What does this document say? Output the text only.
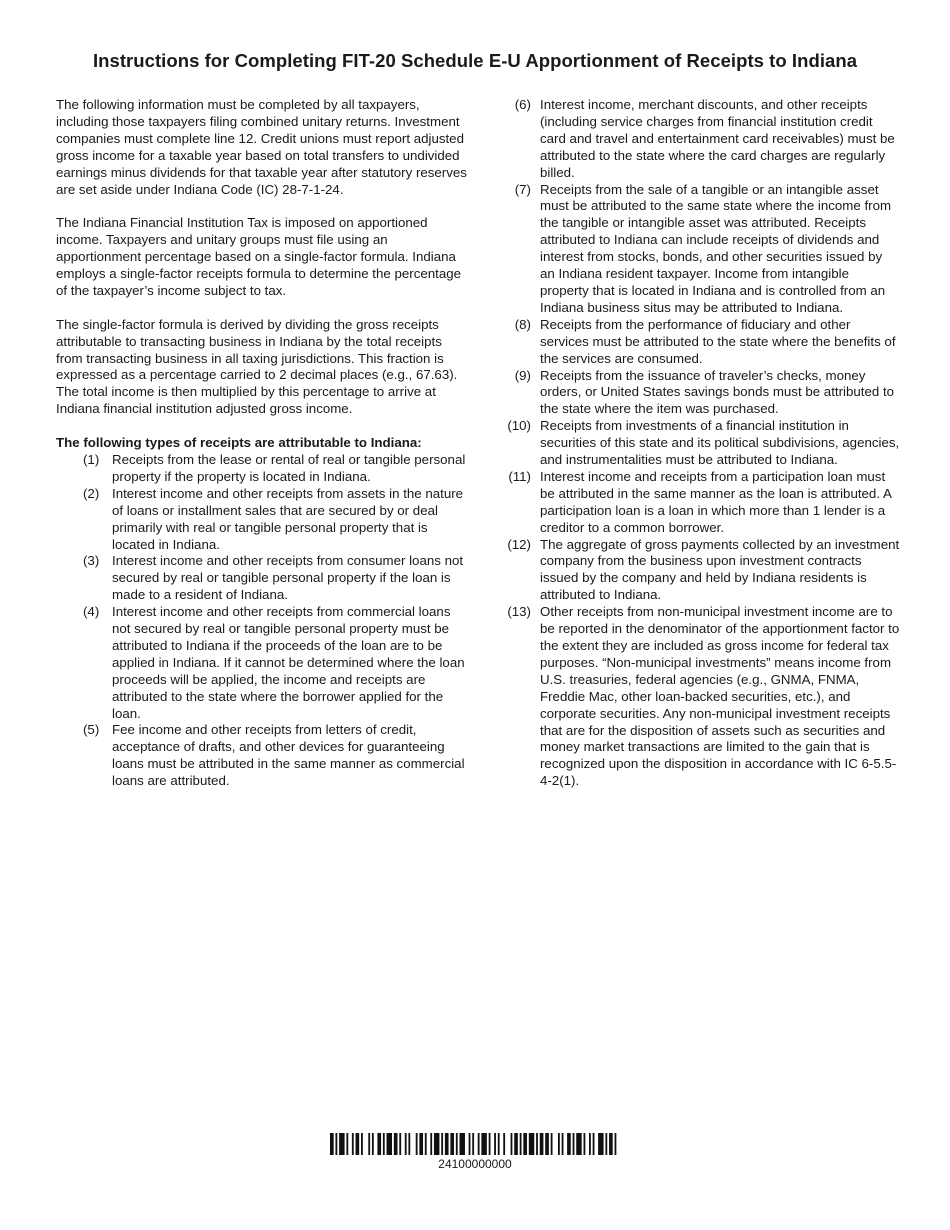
Instructions for Completing FIT-20 Schedule E-U Apportionment of Receipts to Indiana

The following information must be completed by all taxpayers, including those taxpayers filing combined unitary returns. Investment companies must complete line 12. Credit unions must report adjusted gross income for a taxable year based on total transfers to undivided earnings minus dividends for that taxable year after statutory reserves are set aside under Indiana Code (IC) 28-7-1-24.

The Indiana Financial Institution Tax is imposed on apportioned income. Taxpayers and unitary groups must file using an apportionment percentage based on a single-factor formula. Indiana employs a single-factor receipts formula to determine the percentage of the taxpayer’s income subject to tax.

The single-factor formula is derived by dividing the gross receipts attributable to transacting business in Indiana by the total receipts from transacting business in all taxing jurisdictions. This fraction is expressed as a percentage carried to 2 decimal places (e.g., 67.63). The total income is then multiplied by this percentage to arrive at Indiana financial institution adjusted gross income.

The following types of receipts are attributable to Indiana:

(1) Receipts from the lease or rental of real or tangible personal property if the property is located in Indiana.
(2) Interest income and other receipts from assets in the nature of loans or installment sales that are secured by or deal primarily with real or tangible personal property that is located in Indiana.
(3) Interest income and other receipts from consumer loans not secured by real or tangible personal property if the loan is made to a resident of Indiana.
(4) Interest income and other receipts from commercial loans not secured by real or tangible personal property must be attributed to Indiana if the proceeds of the loan are to be applied in Indiana. If it cannot be determined where the loan proceeds will be applied, the income and receipts are attributed to the state where the borrower applied for the loan.
(5) Fee income and other receipts from letters of credit, acceptance of drafts, and other devices for guaranteeing loans must be attributed in the same manner as commercial loans are attributed.
(6) Interest income, merchant discounts, and other receipts (including service charges from financial institution credit card and travel and entertainment card receivables) must be attributed to the state where the card charges are regularly billed.
(7) Receipts from the sale of a tangible or an intangible asset must be attributed to the same state where the income from the tangible or intangible asset was attributed. Receipts attributed to Indiana can include receipts of dividends and interest from stocks, bonds, and other securities issued by an Indiana resident taxpayer. Income from intangible property that is located in Indiana and is controlled from an Indiana business situs may be attributed to Indiana.
(8) Receipts from the performance of fiduciary and other services must be attributed to the state where the benefits of the services are consumed.
(9) Receipts from the issuance of traveler’s checks, money orders, or United States savings bonds must be attributed to the state where the item was purchased.
(10) Receipts from investments of a financial institution in securities of this state and its political subdivisions, agencies, and instrumentalities must be attributed to Indiana.
(11) Interest income and receipts from a participation loan must be attributed in the same manner as the loan is attributed. A participation loan is a loan in which more than 1 lender is a creditor to a common borrower.
(12) The aggregate of gross payments collected by an investment company from the business upon investment contracts issued by the company and held by Indiana residents is attributed to Indiana.
(13) Other receipts from non-municipal investment income are to be reported in the denominator of the apportionment factor to the extent they are included as gross income for federal tax purposes. “Non-municipal investments” means income from U.S. treasuries, federal agencies (e.g., GNMA, FNMA, Freddie Mac, other loan-backed securities, etc.), and corporate securities. Any non-municipal investment receipts that are for the disposition of assets such as securities and money market transactions are limited to the gain that is recognized upon the disposition in accordance with IC 6-5.5-4-2(1).
24100000000
